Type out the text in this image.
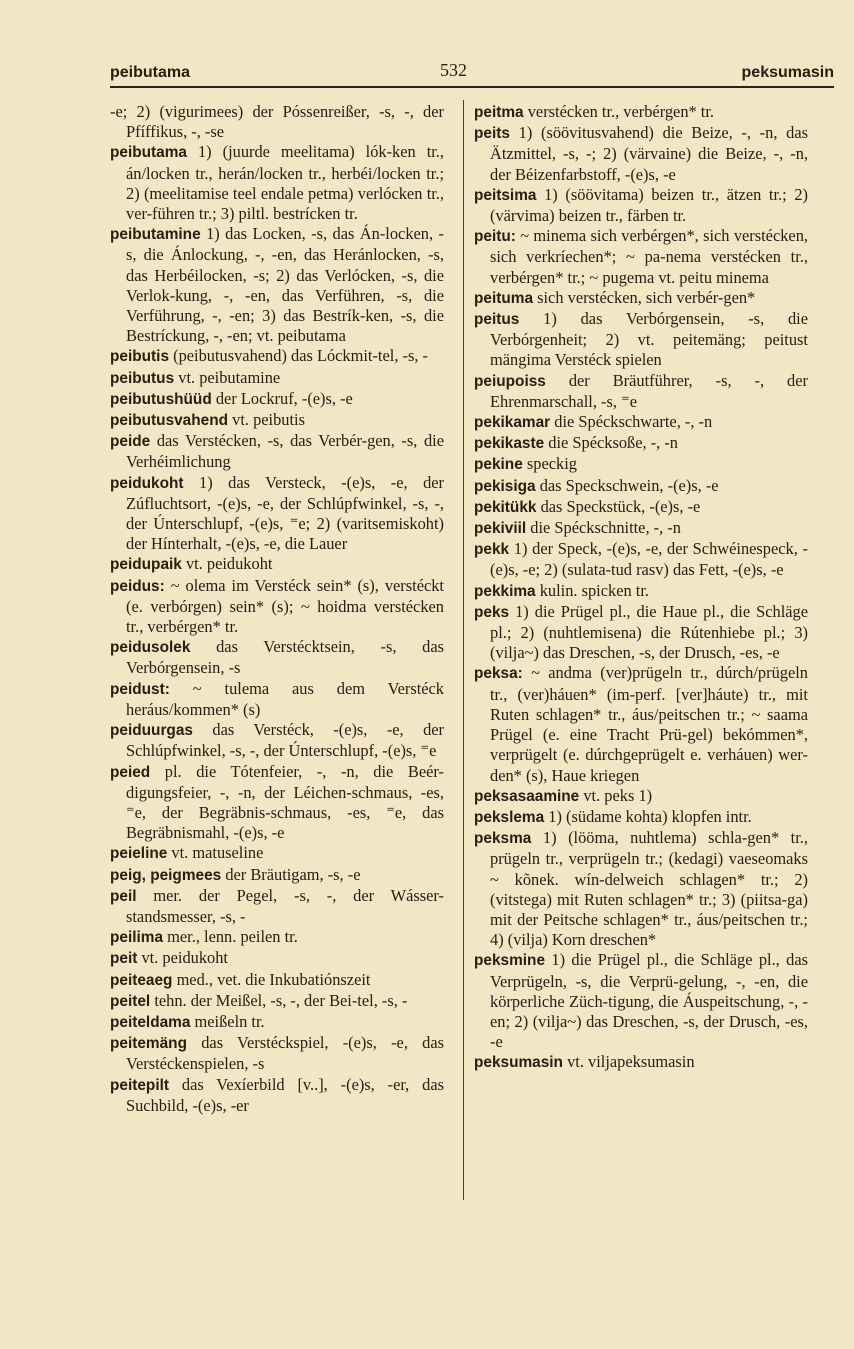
peibutama	532	peksumasin

-e; 2) (vigurimees) der Póssenreißer, -s, -, der Pfíffikus, -, -se

peibutama 1) (juurde meelitama) lók-ken tr., án/locken tr., herán/locken tr., herbéi/locken tr.; 2) (meelitamise teel endale petma) verlócken tr., ver-führen tr.; 3) piltl. bestrícken tr.

peibutamine 1) das Locken, -s, das Án-locken, -s, die Ánlockung, -, -en, das Heránlocken, -s, das Herbéilocken, -s; 2) das Verlócken, -s, die Verlok-kung, -, -en, das Verführen, -s, die Verführung, -, -en; 3) das Bestrík-ken, -s, die Bestríckung, -, -en; vt. peibutama

peibutis (peibutusvahend) das Lóckmit-tel, -s, -

peibutus vt. peibutamine

peibutushüüd der Lockruf, -(e)s, -e

peibutusvahend vt. peibutis

peide das Verstécken, -s, das Verbér-gen, -s, die Verhéimlichung

peidukoht 1) das Versteck, -(e)s, -e, der Zúfluchtsort, -(e)s, -e, der Schlúpfwinkel, -s, -, der Únterschlupf, -(e)s, ⁼e; 2) (varitsemiskoht) der Hínterhalt, -(e)s, -e, die Lauer

peidupaik vt. peidukoht

peidus: ~ olema im Verstéck sein* (s), verstéckt (e. verbórgen) sein* (s); ~ hoidma verstécken tr., verbérgen* tr.

peidusolek das Verstécktsein, -s, das Verbórgensein, -s

peidust: ~ tulema aus dem Verstéck heráus/kommen* (s)

peiduurgas das Verstéck, -(e)s, -e, der Schlúpfwinkel, -s, -, der Únterschlupf, -(e)s, ⁼e

peied pl. die Tótenfeier, -, -n, die Beér-digungsfeier, -, -n, der Léichen-schmaus, -es, ⁼e, der Begräbnis-schmaus, -es, ⁼e, das Begräbnismahl, -(e)s, -e

peieline vt. matuseline

peig, peigmees der Bräutigam, -s, -e

peil mer. der Pegel, -s, -, der Wásser-standsmesser, -s, -

peilima mer., lenn. peilen tr.

peit vt. peidukoht

peiteaeg med., vet. die Inkubatiónszeit

peitel tehn. der Meißel, -s, -, der Bei-tel, -s, -

peiteldama meißeln tr.

peitemäng das Verstéckspiel, -(e)s, -e, das Verstéckenspielen, -s

peitepilt das Vexíerbild [v..], -(e)s, -er, das Suchbild, -(e)s, -er

peitma verstécken tr., verbérgen* tr.

peits 1) (söövitusvahend) die Beize, -, -n, das Ätzmittel, -s, -; 2) (värvaine) die Beize, -, -n, der Béizenfarbstoff, -(e)s, -e

peitsima 1) (söövitama) beizen tr., ätzen tr.; 2) (värvima) beizen tr., färben tr.

peitu: ~ minema sich verbérgen*, sich verstécken, sich verkríechen*; ~ pa-nema verstécken tr., verbérgen* tr.; ~ pugema vt. peitu minema

peituma sich verstécken, sich verbér-gen*

peitus 1) das Verbórgensein, -s, die Verbórgenheit; 2) vt. peitemäng; peitust mängima Verstéck spielen

peiupoiss der Bräutführer, -s, -, der Ehrenmarschall, -s, ⁼e

pekikamar die Spéckschwarte, -, -n

pekikaste die Spécksoße, -, -n

pekine speckig

pekisiga das Speckschwein, -(e)s, -e

pekitükk das Speckstück, -(e)s, -e

pekiviil die Spéckschnitte, -, -n

pekk 1) der Speck, -(e)s, -e, der Schwéinespeck, -(e)s, -e; 2) (sulata-tud rasv) das Fett, -(e)s, -e

pekkima kulin. spicken tr.

peks 1) die Prügel pl., die Haue pl., die Schläge pl.; 2) (nuhtlemisena) die Rútenhiebe pl.; 3) (vilja~) das Dreschen, -s, der Drusch, -es, -e

peksa: ~ andma (ver)prügeln tr., dúrch/prügeln tr., (ver)háuen* (im-perf. [ver]háute) tr., mit Ruten schlagen* tr., áus/peitschen tr.; ~ saama Prügel (e. eine Tracht Prü-gel) bekómmen*, verprügelt (e. dúrchgeprügelt e. verháuen) wer-den* (s), Haue kriegen

peksasaamine vt. peks 1)

pekslema 1) (südame kohta) klopfen intr.

peksma 1) (lööma, nuhtlema) schla-gen* tr., prügeln tr., verprügeln tr.; (kedagi) vaeseomaks ~ kõnek. wín-delweich schlagen* tr.; 2) (vitstega) mit Ruten schlagen* tr.; 3) (piitsa-ga) mit der Peitsche schlagen* tr., áus/peitschen tr.; 4) (vilja) Korn dreschen*

peksmine 1) die Prügel pl., die Schläge pl., das Verprügeln, -s, die Verprü-gelung, -, -en, die körperliche Züch-tigung, die Áuspeitschung, -, -en; 2) (vilja~) das Dreschen, -s, der Drusch, -es, -e

peksumasin vt. viljapeksumasin
